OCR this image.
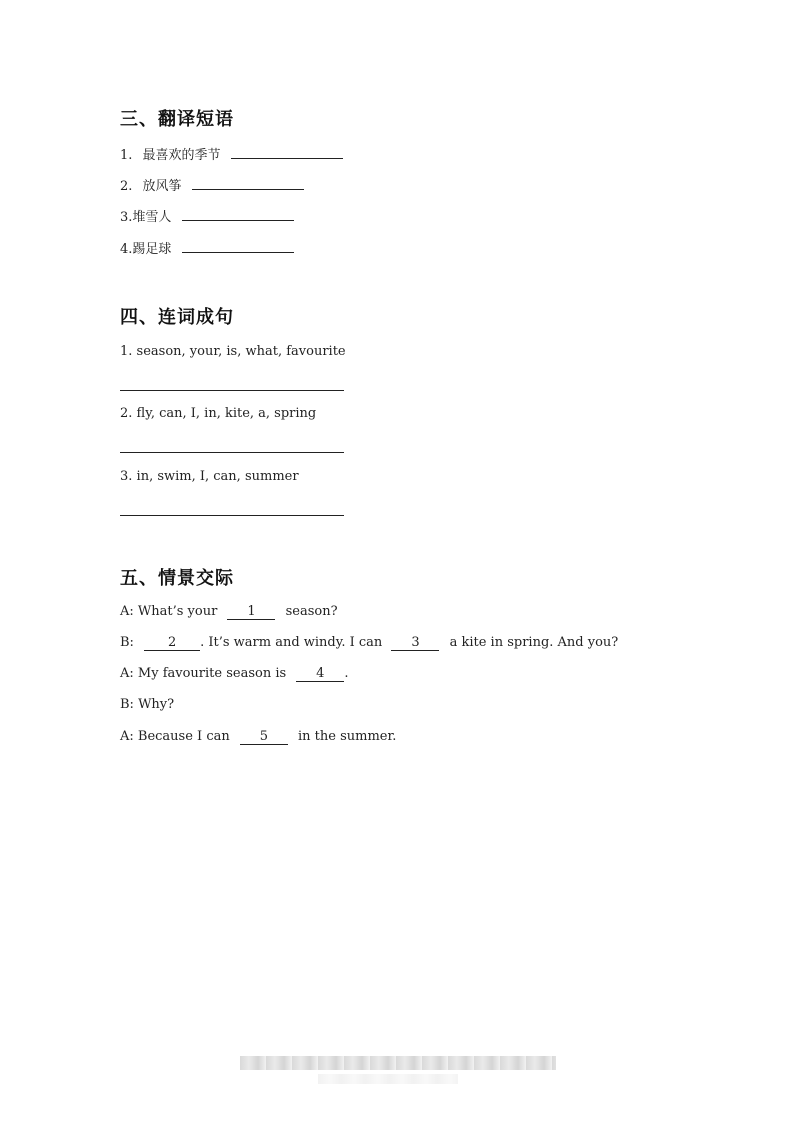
三、翻译短语
1. 最喜欢的季节
2. 放风筝
3.堆雪人
4.踢足球
四、连词成句
1. season, your, is, what, favourite
2. fly, can, I, in, kite, a, spring
3. in, swim, I, can, summer
五、情景交际
A: What’s your 1 season?
B:	2 . It’s warm and windy. I can 3 a kite in spring. And you?
A: My favourite season is 4 .
B: Why?
A: Because I can 5 in the summer.
